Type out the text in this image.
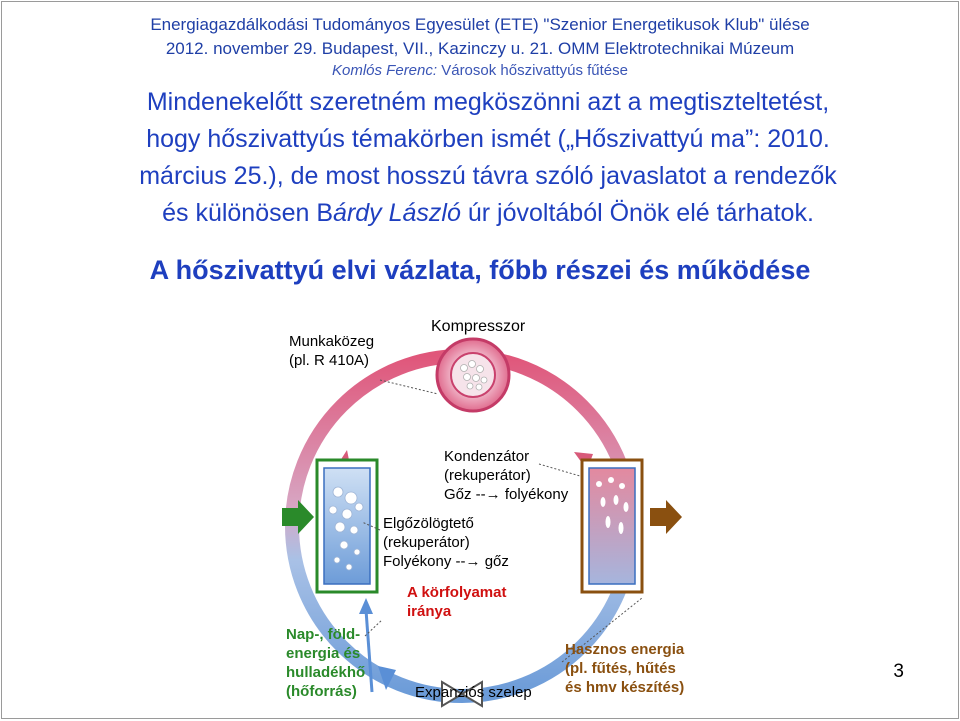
Energiagazdálkodási Tudományos Egyesület (ETE) "Szenior Energetikusok Klub" ülése
2012. november 29. Budapest, VII., Kazinczy u. 21. OMM Elektrotechnikai Múzeum
Komlós Ferenc: Városok hőszivattyús fűtése
Mindenekelőtt szeretném megköszönni azt a megtiszteltetést,
hogy hőszivattyús témakörben ismét („Hőszivattyú ma”: 2010.
március 25.), de most hosszú távra szóló javaslatot a rendezők
és különösen Bárdy László úr jóvoltából Önök elé tárhatok.
A hőszivattyú elvi vázlata, főbb részei és működése
Munkaközeg
(pl. R 410A)
Kompresszor
Kondenzátor
(rekuperátor)
Gőz --→ folyékony
Elgőzölögtető
(rekuperátor)
Folyékony --→ gőz
A körfolyamat
iránya
Nap-, föld-
energia és
hulladékhő
(hőforrás)
Hasznos energia
(pl. fűtés, hűtés
és hmv készítés)
Expanziós szelep
3
